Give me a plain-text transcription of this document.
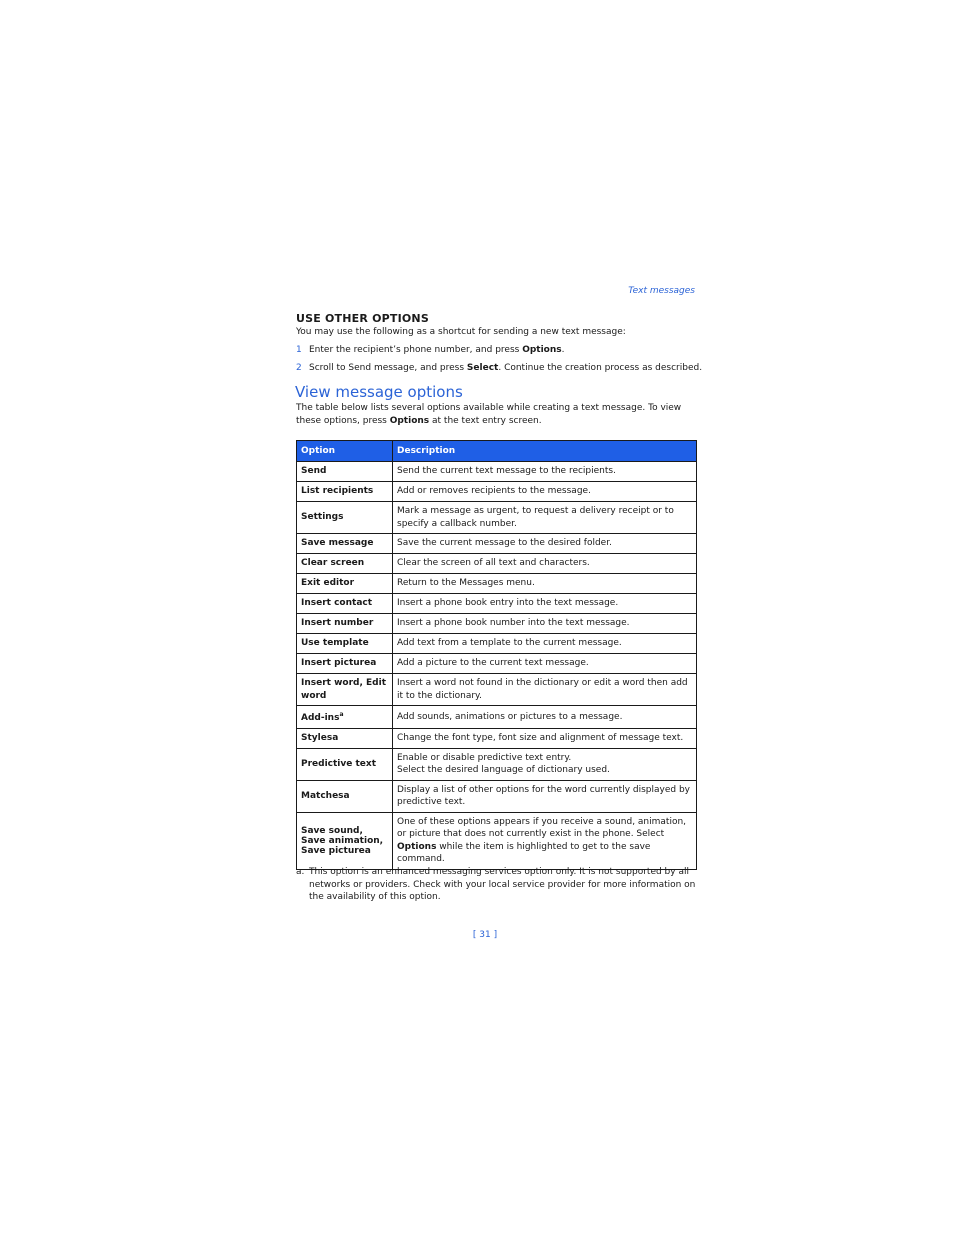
Text messages
USE OTHER OPTIONS
You may use the following as a shortcut for sending a new text message:
1 Enter the recipient’s phone number, and press Options.
2 Scroll to Send message, and press Select. Continue the creation process as described.
View message options
The table below lists several options available while creating a text message. To view these options, press Options at the text entry screen.
Option	Description
Send	Send the current text message to the recipients.
List recipients	Add or removes recipients to the message.
Settings	Mark a message as urgent, to request a delivery receipt or to specify a callback number.
Save message	Save the current message to the desired folder.
Clear screen	Clear the screen of all text and characters.
Exit editor	Return to the Messages menu.
Insert contact	Insert a phone book entry into the text message.
Insert number	Insert a phone book number into the text message.
Use template	Add text from a template to the current message.
Insert picturea	Add a picture to the current text message.
Insert word, Edit word	Insert a word not found in the dictionary or edit a word then add it to the dictionary.
Add-ins$^a$	Add sounds, animations or pictures to a message.
Stylesa	Change the font type, font size and alignment of message text.
Predictive text	Enable or disable predictive text entry.
Select the desired language of dictionary used.
Matchesa	Display a list of other options for the word currently displayed by predictive text.
Save sound, Save animation, Save picturea	One of these options appears if you receive a sound, animation, or picture that does not currently exist in the phone. Select Options while the item is highlighted to get to the save command.
a. This option is an enhanced messaging services option only. It is not supported by all networks or providers. Check with your local service provider for more information on the availability of this option.
[ 31 ]
